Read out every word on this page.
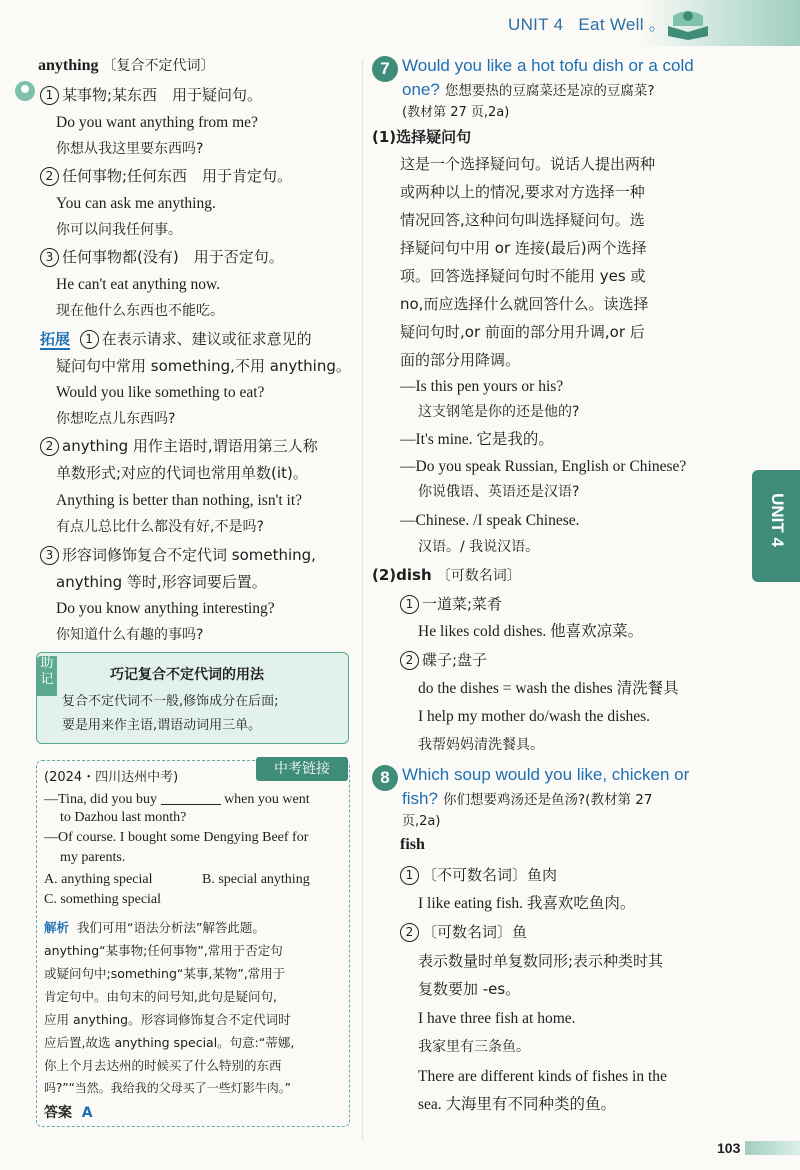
UNIT 4 Eat Well 。
UNIT 4
anything 〔复合不定代词〕
1 某事物;某东西　用于疑问句。
Do you want anything from me?
你想从我这里要东西吗?
2 任何事物;任何东西　用于肯定句。
You can ask me anything.
你可以问我任何事。
3 任何事物都(没有)　用于否定句。
He can't eat anything now.
现在他什么东西也不能吃。
拓展 1 在表示请求、建议或征求意见的
疑问句中常用 something,不用 anything。
Would you like something to eat?
你想吃点儿东西吗?
2 anything 用作主语时,谓语用第三人称
单数形式;对应的代词也常用单数(it)。
Anything is better than nothing, isn't it?
有点儿总比什么都没有好,不是吗?
3 形容词修饰复合不定代词 something,
anything 等时,形容词要后置。
Do you know anything interesting?
你知道什么有趣的事吗?
助记	巧记复合不定代词的用法
复合不定代词不一般,修饰成分在后面;
要是用来作主语,谓语动词用三单。
中考链接
(2024・四川达州中考)
—Tina, did you buy	when you went
to Dazhou last month?
—Of course. I bought some Dengying Beef for
my parents.
A. anything special	B. special anything
C. something special
解析 我们可用“语法分析法”解答此题。
anything“某事物;任何事物”,常用于否定句
或疑问句中;something“某事,某物”,常用于
肯定句中。由句末的问号知,此句是疑问句,
应用 anything。形容词修饰复合不定代词时
应后置,故选 anything special。句意:“蒂娜,
你上个月去达州的时候买了什么特别的东西
吗?”“当然。我给我的父母买了一些灯影牛肉。”
答案 A
7 Would you like a hot tofu dish or a cold
one? 您想要热的豆腐菜还是凉的豆腐菜?
(教材第 27 页,2a)
(1)选择疑问句
这是一个选择疑问句。说话人提出两种
或两种以上的情况,要求对方选择一种
情况回答,这种问句叫选择疑问句。选
择疑问句中用 or 连接(最后)两个选择
项。回答选择疑问句时不能用 yes 或
no,而应选择什么就回答什么。读选择
疑问句时,or 前面的部分用升调,or 后
面的部分用降调。
—Is this pen yours or his?
这支钢笔是你的还是他的?
—It's mine. 它是我的。
—Do you speak Russian, English or Chinese?
你说俄语、英语还是汉语?
—Chinese. /I speak Chinese.
汉语。/ 我说汉语。
(2)dish 〔可数名词〕
1 一道菜;菜肴
He likes cold dishes. 他喜欢凉菜。
2 碟子;盘子
do the dishes = wash the dishes 清洗餐具
I help my mother do/wash the dishes.
我帮妈妈清洗餐具。
8 Which soup would you like, chicken or
fish? 你们想要鸡汤还是鱼汤?(教材第 27
页,2a)
fish
1 〔不可数名词〕鱼肉
I like eating fish. 我喜欢吃鱼肉。
2 〔可数名词〕鱼
表示数量时单复数同形;表示种类时其
复数要加 -es。
I have three fish at home.
我家里有三条鱼。
There are different kinds of fishes in the
sea. 大海里有不同种类的鱼。
103
